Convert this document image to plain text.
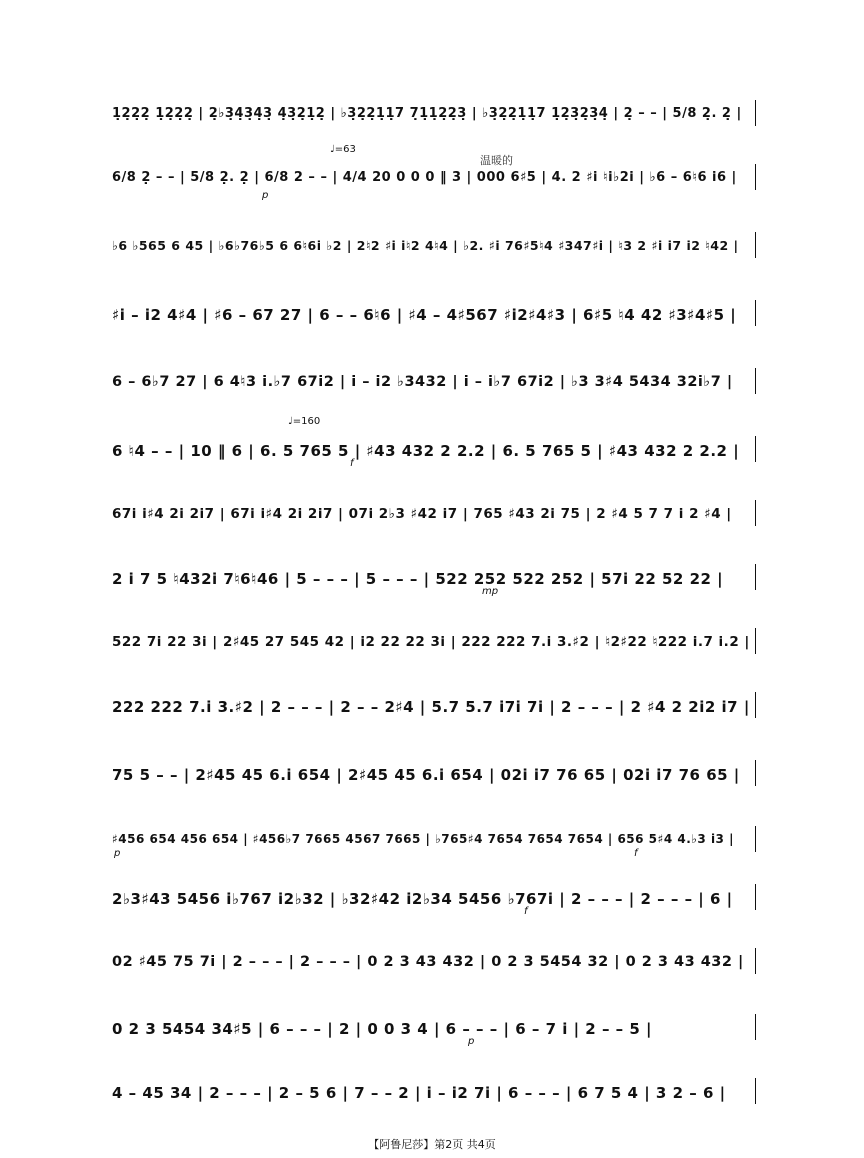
1̣2̣2̣2̣ 1̣2̣2̣2̣ | 2̣♭3̣4̣3̣4̣3̣ 4̣3̣2̣1̣2̣ | ♭3̣2̣2̣1̣1̣7 7̣1̣1̣2̣2̣3̣ | ♭3̣2̣2̣1̣1̣7 1̣2̣3̣2̣3̣4̣ | 2̣ – – | 5/8 2̣. 2̣ |
6/8 2̣ – – | 5/8 2̣. 2̣ | 6/8 2 – – | 4/4 20 0 0 0 ‖ 3 | 000 6♯5 | 4. 2 ♯i ♮i♭2i | ♭6 – 6♮6 i6 |
♩=63
温暖的
p
♭6 ♭565 6 45 | ♭6♭76♭5 6 6♮6i ♭2 | 2♮2 ♯i i♮2 4♮4 | ♭2. ♯i 76♯5♮4 ♯347♯i | ♮3 2 ♯i i7 i2 ♮42 |
♯i – i2 4♯4 | ♯6 – 67 27 | 6 – – 6♮6 | ♯4 – 4♯567 ♯i2♯4♯3 | 6♯5 ♮4 42 ♯3♯4♯5 |
6 – 6♭7 27 | 6 4♮3 i.♭7 67i2 | i – i2 ♭3432 | i – i♭7 67i2 | ♭3 3♯4 5434 32i♭7 |
6 ♮4 – – | 10 ‖ 6 | 6. 5 765 5 | ♯43 432 2 2.2 | 6. 5 765 5 | ♯43 432 2 2.2 |
♩=160
f
67i i♯4 2i 2i7 | 67i i♯4 2i 2i7 | 07i 2♭3 ♯42 i7 | 765 ♯43 2i 75 | 2 ♯4 5 7 7 i 2 ♯4 |
2 i 7 5 ♮432i 7♮6♮46 | 5 – – – | 5 – – – | 522 252 522 252 | 57i 22 52 22 |
mp
522 7i 22 3i | 2♯45 27 545 42 | i2 22 22 3i | 222 222 7.i 3.♯2 | ♮2♯22 ♮222 i.7 i.2 |
222 222 7.i 3.♯2 | 2 – – – | 2 – – 2♯4 | 5.7 5.7 i7i 7i | 2 – – – | 2 ♯4 2 2i2 i7 |
75 5 – – | 2♯45 45 6.i 654 | 2♯45 45 6.i 654 | 02i i7 76 65 | 02i i7 76 65 |
♯456 654 456 654 | ♯456♭7 7665 4567 7665 | ♭765♯4 7654 7654 7654 | 656 5♯4 4.♭3 i3 |
p	f
2♭3♯43 5456 i♭767 i2♭32 | ♭32♯42 i2♭34 5456 ♭767i | 2 – – – | 2 – – – | 6 |
f
02 ♯45 75 7i | 2 – – – | 2 – – – | 0 2 3 43 432 | 0 2 3 5454 32 | 0 2 3 43 432 |
0 2 3 5454 34♯5 | 6 – – – | 2 | 0 0 3 4 | 6 – – – | 6 – 7 i | 2 – – 5 |
p
4 – 45 34 | 2 – – – | 2 – 5 6 | 7 – – 2 | i – i2 7i | 6 – – – | 6 7 5 4 | 3 2 – 6 |
【阿鲁尼莎】第2页 共4页
